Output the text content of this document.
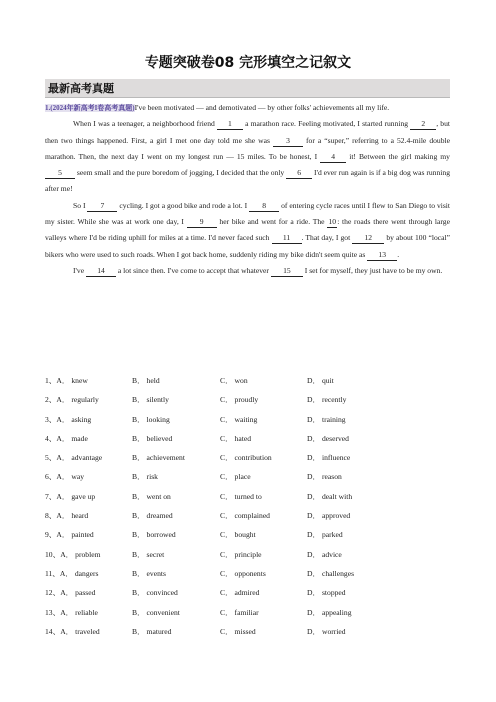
专题突破卷08 完形填空之记叙文
最新高考真题

1.(2024年新高考I卷高考真题)I've been motivated — and demotivated — by other folks' achievements all my life.

When I was a teenager, a neighborhood friend 1 a marathon race. Feeling motivated, I started running 2 , but then two things happened. First, a girl I met one day told me she was 3 for a “super,” referring to a 52.4-mile double marathon. Then, the next day I went on my longest run — 15 miles. To be honest, I 4 it! Between the girl making my 5 seem small and the pure boredom of jogging, I decided that the only 6 I'd ever run again is if a big dog was running after me!

So I 7 cycling. I got a good bike and rode a lot. I 8 of entering cycle races until I flew to San Diego to visit my sister. While she was at work one day, I 9 her bike and went for a ride. The 10: the roads there went through large valleys where I'd be riding uphill for miles at a time. I'd never faced such 11 . That day, I got 12 by about 100 “local” bikers who were used to such roads. When I got back home, suddenly riding my bike didn't seem quite as 13 .

I've 14 a lot since then. I've come to accept that whatever 15 I set for myself, they just have to be my own.

1、A． knew	B． held	C． won	D． quit
2、A． regularly	B． silently	C． proudly	D． recently
3、A． asking	B． looking	C． waiting	D． training
4、A． made	B． believed	C． hated	D． deserved
5、A． advantage	B． achievement	C． contribution	D． influence
6、A． way	B． risk	C． place	D． reason
7、A． gave up	B． went on	C． turned to	D． dealt with
8、A． heard	B． dreamed	C． complained	D． approved
9、A． painted	B． borrowed	C． bought	D． parked
10、A． problem	B． secret	C． principle	D． advice
11、A． dangers	B． events	C． opponents	D． challenges
12、A． passed	B． convinced	C． admired	D． stopped
13、A． reliable	B． convenient	C． familiar	D． appealing
14、A． traveled	B． matured	C． missed	D． worried
